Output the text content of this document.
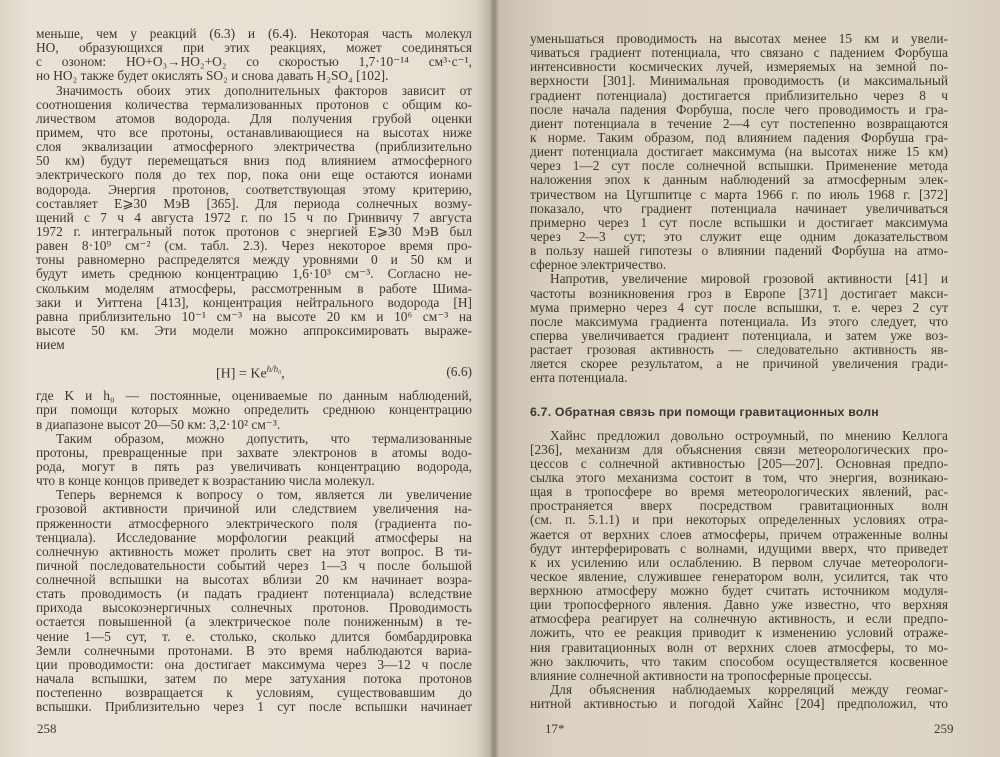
меньше, чем у реакций (6.3) и (6.4). Некоторая часть молекул
НО, образующихся при этих реакциях, может соединяться
с озоном: HO+O₃→HO₂+O₂ со скоростью 1,7·10⁻¹⁴ см³·с⁻¹,
но HO₂ также будет окислять SO₂ и снова давать H₂SO₄ [102].
Значимость обоих этих дополнительных факторов зависит от
соотношения количества термализованных протонов с общим ко-
личеством атомов водорода. Для получения грубой оценки
примем, что все протоны, останавливающиеся на высотах ниже
слоя эквализации атмосферного электричества (приблизительно
50 км) будут перемещаться вниз под влиянием атмосферного
электрического поля до тех пор, пока они еще остаются ионами
водорода. Энергия протонов, соответствующая этому критерию,
составляет E⩾30 МэВ [365]. Для периода солнечных возму-
щений с 7 ч 4 августа 1972 г. по 15 ч по Гринвичу 7 августа
1972 г. интегральный поток протонов с энергией E⩾30 МэВ был
равен 8·10⁹ см⁻² (см. табл. 2.3). Через некоторое время про-
тоны равномерно распределятся между уровнями 0 и 50 км и
будут иметь среднюю концентрацию 1,6·10³ см⁻³. Согласно не-
скольким моделям атмосферы, рассмотренным в работе Шима-
заки и Уиттена [413], концентрация нейтрального водорода [H]
равна приблизительно 10⁻¹ см⁻³ на высоте 20 км и 10⁶ см⁻³ на
высоте 50 км. Эти модели можно аппроксимировать выраже-
нием
$[H] = Ke^{h/h_0}$,	(6.6)
где K и h₀ — постоянные, оцениваемые по данным наблюдений,
при помощи которых можно определить среднюю концентрацию
в диапазоне высот 20—50 км: 3,2·10² см⁻³.
Таким образом, можно допустить, что термализованные
протоны, превращенные при захвате электронов в атомы водо-
рода, могут в пять раз увеличивать концентрацию водорода,
что в конце концов приведет к возрастанию числа молекул.
Теперь вернемся к вопросу о том, является ли увеличение
грозовой активности причиной или следствием увеличения на-
пряженности атмосферного электрического поля (градиента по-
тенциала). Исследование морфологии реакций атмосферы на
солнечную активность может пролить свет на этот вопрос. В ти-
пичной последовательности событий через 1—3 ч после большой
солнечной вспышки на высотах вблизи 20 км начинает возра-
стать проводимость (и падать градиент потенциала) вследствие
прихода высокоэнергичных солнечных протонов. Проводимость
остается повышенной (а электрическое поле пониженным) в те-
чение 1—5 сут, т. е. столько, сколько длится бомбардировка
Земли солнечными протонами. В это время наблюдаются вариа-
ции проводимости: она достигает максимума через 3—12 ч после
начала вспышки, затем по мере затухания потока протонов
постепенно возвращается к условиям, существовавшим до
вспышки. Приблизительно через 1 сут после вспышки начинает
уменьшаться проводимость на высотах менее 15 км и увели-
чиваться градиент потенциала, что связано с падением Форбуша
интенсивности космических лучей, измеряемых на земной по-
верхности [301]. Минимальная проводимость (и максимальный
градиент потенциала) достигается приблизительно через 8 ч
после начала падения Форбуша, после чего проводимость и гра-
диент потенциала в течение 2—4 сут постепенно возвращаются
к норме. Таким образом, под влиянием падения Форбуша гра-
диент потенциала достигает максимума (на высотах ниже 15 км)
через 1—2 сут после солнечной вспышки. Применение метода
наложения эпох к данным наблюдений за атмосферным элек-
тричеством на Цугшпитце с марта 1966 г. по июль 1968 г. [372]
показало, что градиент потенциала начинает увеличиваться
примерно через 1 сут после вспышки и достигает максимума
через 2—3 сут; это служит еще одним доказательством
в пользу нашей гипотезы о влиянии падений Форбуша на атмо-
сферное электричество.
Напротив, увеличение мировой грозовой активности [41] и
частоты возникновения гроз в Европе [371] достигает макси-
мума примерно через 4 сут после вспышки, т. е. через 2 сут
после максимума градиента потенциала. Из этого следует, что
сперва увеличивается градиент потенциала, и затем уже воз-
растает грозовая активность — следовательно активность яв-
ляется скорее результатом, а не причиной увеличения гради-
ента потенциала.
6.7. Обратная связь при помощи гравитационных волн
Хайнс предложил довольно остроумный, по мнению Келлога
[236], механизм для объяснения связи метеорологических про-
цессов с солнечной активностью [205—207]. Основная предпо-
сылка этого механизма состоит в том, что энергия, возникаю-
щая в тропосфере во время метеорологических явлений, рас-
пространяется вверх посредством гравитационных волн
(см. п. 5.1.1) и при некоторых определенных условиях отра-
жается от верхних слоев атмосферы, причем отраженные волны
будут интерферировать с волнами, идущими вверх, что приведет
к их усилению или ослаблению. В первом случае метеорологи-
ческое явление, служившее генератором волн, усилится, так что
верхнюю атмосферу можно будет считать источником модуля-
ции тропосферного явления. Давно уже известно, что верхняя
атмосфера реагирует на солнечную активность, и если предпо-
ложить, что ее реакция приводит к изменению условий отраже-
ния гравитационных волн от верхних слоев атмосферы, то мо-
жно заключить, что таким способом осуществляется косвенное
влияние солнечной активности на тропосферные процессы.
Для объяснения наблюдаемых корреляций между геомаг-
нитной активностью и погодой Хайнс [204] предположил, что
258	17*	259
